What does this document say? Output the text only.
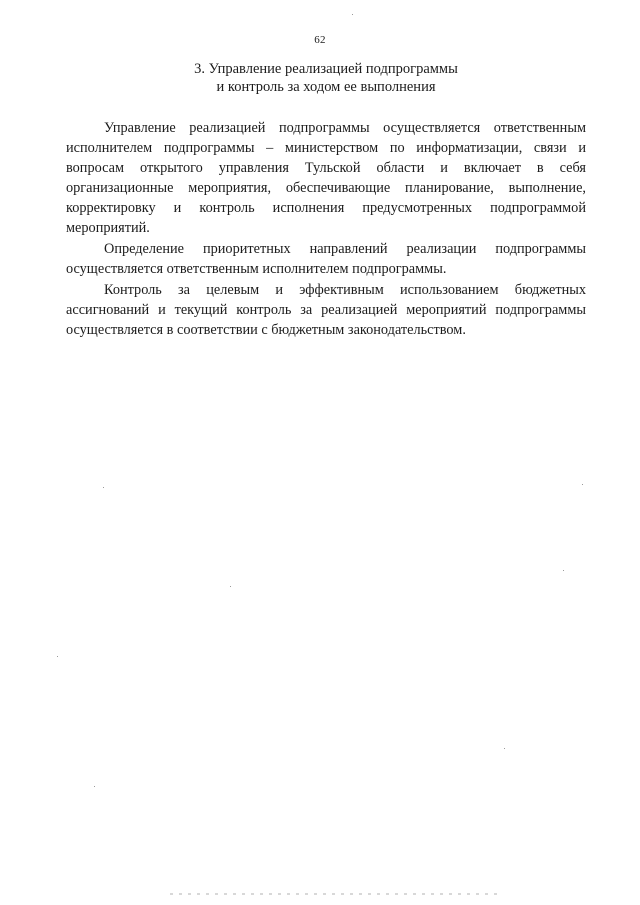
62
3. Управление реализацией подпрограммы
и контроль за ходом ее выполнения

Управление реализацией подпрограммы осуществляется ответственным исполнителем подпрограммы – министерством по информатизации, связи и вопросам открытого управления Тульской области и включает в себя организационные мероприятия, обеспечивающие планирование, выполнение, корректировку и контроль исполнения предусмотренных подпрограммой мероприятий.

Определение приоритетных направлений реализации подпрограммы осуществляется ответственным исполнителем подпрограммы.

Контроль за целевым и эффективным использованием бюджетных ассигнований и текущий контроль за реализацией мероприятий подпрограммы осуществляется в соответствии с бюджетным законодательством.
